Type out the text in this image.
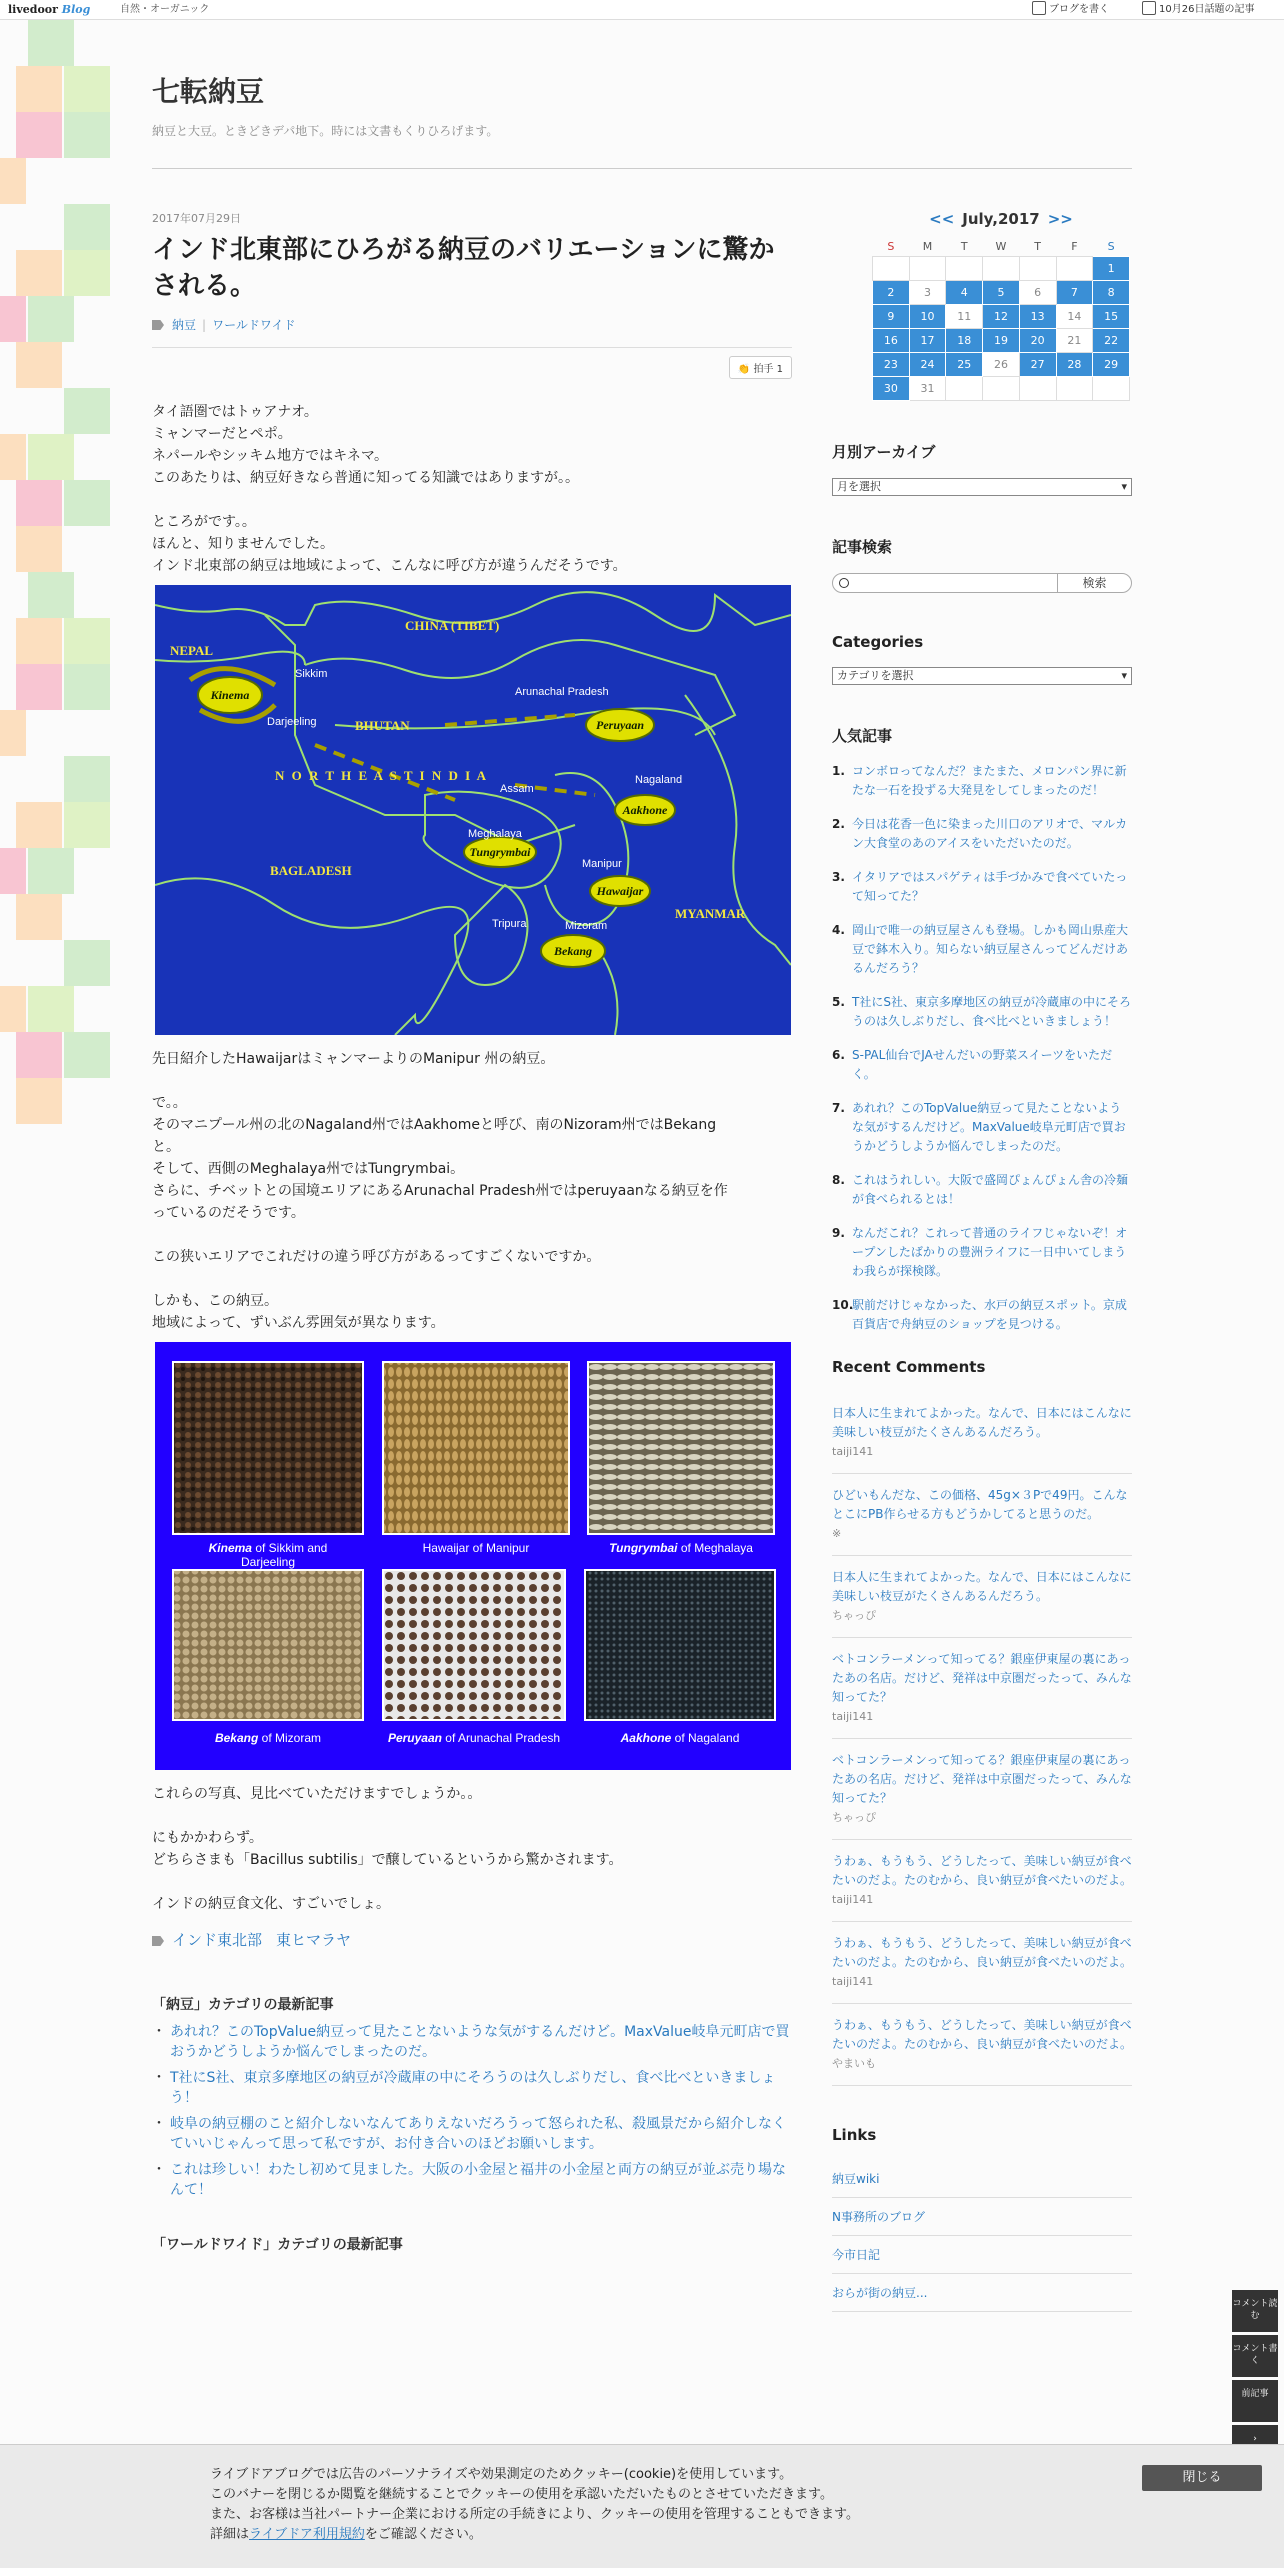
livedoor Blog	自然・オーガニック	ブログを書く	10月26日話題の記事
七転納豆

納豆と大豆。ときどきデパ地下。時には文書もくりひろげます。

2017年07月29日
インド北東部にひろがる納豆のバリエーションに驚かされる。
納豆 | ワールドワイド
👏 拍手 1

タイ語圏ではトゥアナオ。

ミャンマーだとペポ。

ネパールやシッキム地方ではキネマ。

このあたりは、納豆好きなら普通に知ってる知識ではありますが。。

ところがです。。

ほんと、知りませんでした。

インド北東部の納豆は地域によって、こんなに呼び方が違うんだそうです。

CHINA (TIBET)
NEPAL
BHUTAN
N O R T H E A S T I N D I A
BAGLADESH
MYANMAR
Sikkim
Darjeeling
Arunachal Pradesh
Nagaland
Assam
Meghalaya
Manipur
Tripura	Mizoram
Kinema
Peruyaan
Aakhone
Tungrymbai
Hawaijar
Bekang

先日紹介したHawaijarはミャンマーよりのManipur 州の納豆。

で。。

そのマニプール州の北のNagaland州ではAakhomeと呼び、南のNizoram州ではBekang

と。

そして、西側のMeghalaya州ではTungrymbai。

さらに、チベットとの国境エリアにあるArunachal Pradesh州ではperuyaanなる納豆を作

っているのだそうです。

この狭いエリアでこれだけの違う呼び方があるってすごくないですか。

しかも、この納豆。

地域によって、ずいぶん雰囲気が異なります。

Kinema of Sikkim and
Darjeeling
Hawaijar of Manipur	Tungrymbai of Meghalaya
Bekang of Mizoram	Peruyaan of Arunachal Pradesh	Aakhone of Nagaland

これらの写真、見比べていただけますでしょうか。。

にもかかわらず。

どちらさまも「Bacillus subtilis」で醸しているというから驚かされます。

インドの納豆食文化、すごいでしょ。

インド東北部 東ヒマラヤ
「納豆」カテゴリの最新記事
・ あれれ？このTopValue納豆って見たことないような気がするんだけど。MaxValue岐阜元町店で買おうかどうしようか悩んでしまったのだ。
・ T社にS社、東京多摩地区の納豆が冷蔵庫の中にそろうのは久しぶりだし、食べ比べといきましょう！
・ 岐阜の納豆棚のこと紹介しないなんてありえないだろうって怒られた私、殺風景だから紹介しなくていいじゃんって思って私ですが、お付き合いのほどお願いします。
・ これは珍しい！わたし初めて見ました。大阪の小金屋と福井の小金屋と両方の納豆が並ぶ売り場なんて！
「ワールドワイド」カテゴリの最新記事
<< July,2017 >>
S	M	T	W	T	F	S
						1
2	3	4	5	6	7	8
9	10	11	12	13	14	15
16	17	18	19	20	21	22
23	24	25	26	27	28	29
30	31					
月別アーカイブ
月を選択 ▾
記事検索
検索
Categories
カテゴリを選択 ▾
人気記事
1. コンボロってなんだ？またまた、メロンパン界に新たな一石を投ずる大発見をしてしまったのだ！
2. 今日は花香一色に染まった川口のアリオで、マルカン大食堂のあのアイスをいただいたのだ。
3. イタリアではスパゲティは手づかみで食べていたって知ってた？
4. 岡山で唯一の納豆屋さんも登場。しかも岡山県産大豆で鉢木入り。知らない納豆屋さんってどんだけあるんだろう？
5. T社にS社、東京多摩地区の納豆が冷蔵庫の中にそろうのは久しぶりだし、食べ比べといきましょう！
6. S-PAL仙台でJAせんだいの野菜スイーツをいただく。
7. あれれ？このTopValue納豆って見たことないような気がするんだけど。MaxValue岐阜元町店で買おうかどうしようか悩んでしまったのだ。
8. これはうれしい。大阪で盛岡ぴょんぴょん舎の冷麺が食べられるとは！
9. なんだこれ？これって普通のライフじゃないぞ！オープンしたばかりの豊洲ライフに一日中いてしまうわ我らが探検隊。
10.
駅前だけじゃなかった、水戸の納豆スポット。京成百貨店で舟納豆のショップを見つける。
Recent Comments
日本人に生まれてよかった。なんで、日本にはこんなに美味しい枝豆がたくさんあるんだろう。
taiji141
ひどいもんだな、この価格、45g×３Pで49円。こんなとこにPB作らせる方もどうかしてると思うのだ。
※
日本人に生まれてよかった。なんで、日本にはこんなに美味しい枝豆がたくさんあるんだろう。
ちゃっぴ
ベトコンラーメンって知ってる？銀座伊東屋の裏にあったあの名店。だけど、発祥は中京圏だったって、みんな知ってた？
taiji141
ベトコンラーメンって知ってる？銀座伊東屋の裏にあったあの名店。だけど、発祥は中京圏だったって、みんな知ってた？
ちゃっぴ
うわぁ、もうもう、どうしたって、美味しい納豆が食べたいのだよ。たのむから、良い納豆が食べたいのだよ。
taiji141
うわぁ、もうもう、どうしたって、美味しい納豆が食べたいのだよ。たのむから、良い納豆が食べたいのだよ。
taiji141
うわぁ、もうもう、どうしたって、美味しい納豆が食べたいのだよ。たのむから、良い納豆が食べたいのだよ。
やまいも
Links
納豆wiki
N事務所のブログ
今市日記
おらが街の納豆...
コメント読む
コメント書く
前記事
›
ライブドアブログでは広告のパーソナライズや効果測定のためクッキー(cookie)を使用しています。
このバナーを閉じるか閲覧を継続することでクッキーの使用を承認いただいたものとさせていただきます。
また、お客様は当社パートナー企業における所定の手続きにより、クッキーの使用を管理することもできます。
詳細はライブドア利用規約をご確認ください。
閉じる
